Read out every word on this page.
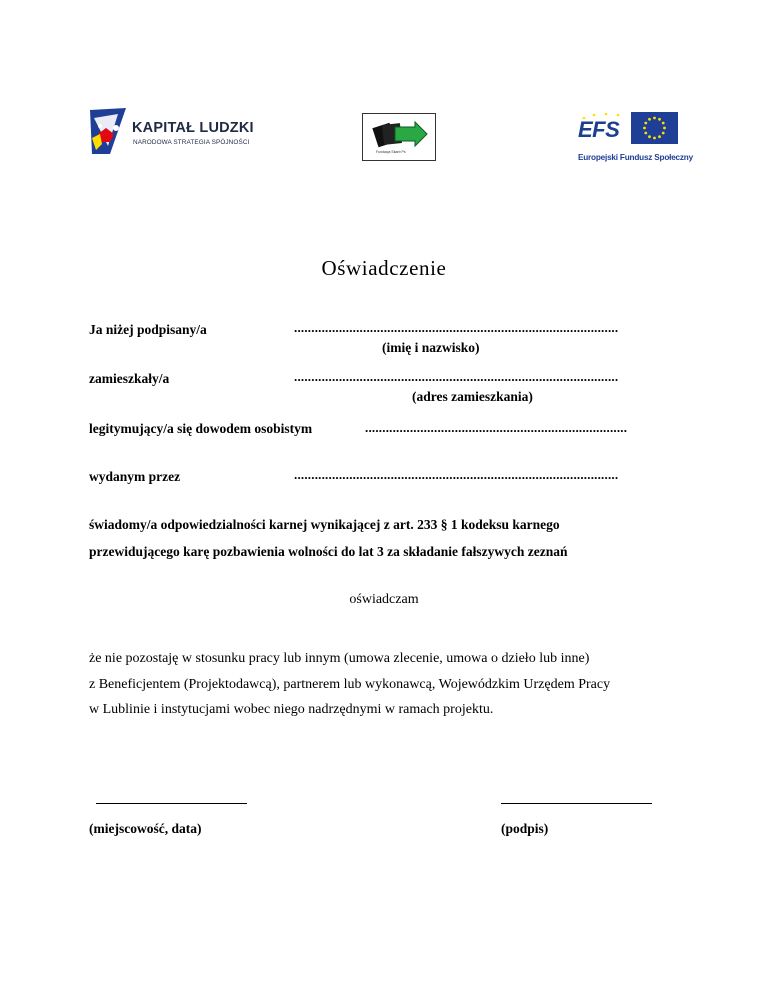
KAPITAŁ LUDZKI
NARODOWA STRATEGIA SPÓJNOŚCI
Fundacja Skarb Ps
EFS
Europejski Fundusz Społeczny
Oświadczenie
Ja niżej podpisany/a	..............................................................................................
(imię i nazwisko)
zamieszkały/a	..............................................................................................
(adres zamieszkania)
legitymujący/a się dowodem osobistym	............................................................................
wydanym przez	..............................................................................................
świadomy/a odpowiedzialności karnej wynikającej z art. 233 § 1 kodeksu karnego
przewidującego karę pozbawienia wolności do lat 3 za składanie fałszywych zeznań
oświadczam
że nie pozostaję w stosunku pracy lub innym (umowa zlecenie, umowa o dzieło lub inne)
z Beneficjentem (Projektodawcą), partnerem lub wykonawcą, Wojewódzkim Urzędem Pracy
w Lublinie i instytucjami wobec niego nadrzędnymi w ramach projektu.
(miejscowość, data)	(podpis)
